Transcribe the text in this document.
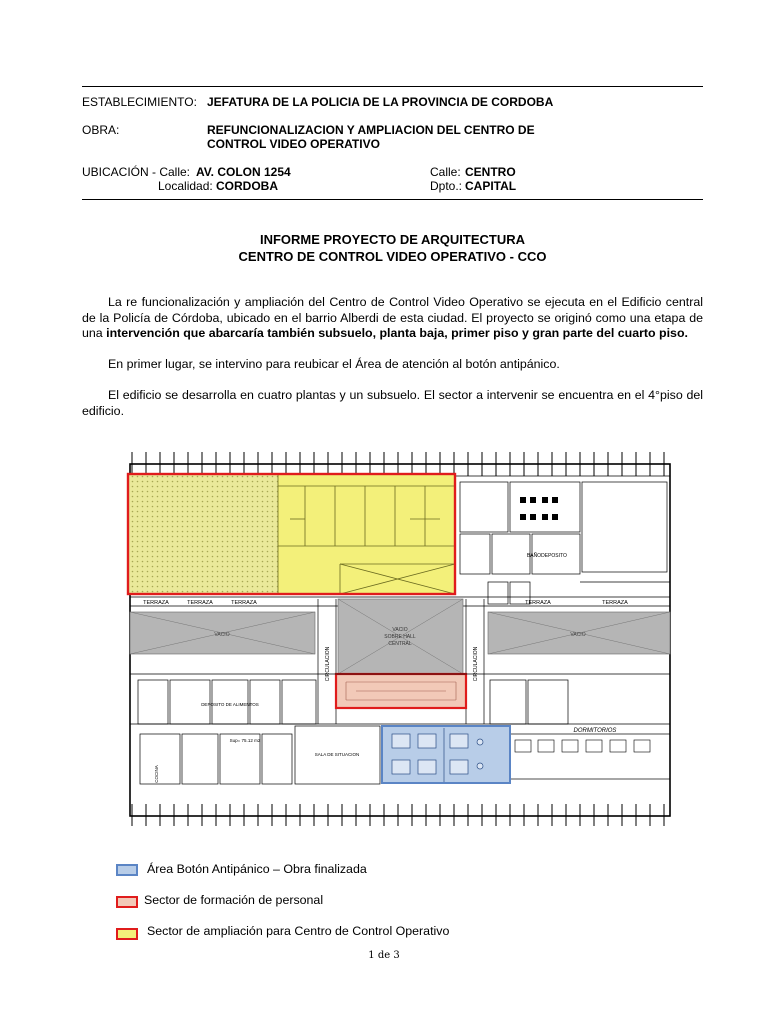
ESTABLECIMIENTO: JEFATURA DE LA POLICIA DE LA PROVINCIA DE CORDOBA
OBRA:	REFUNCIONALIZACION Y AMPLIACION DEL CENTRO DE
CONTROL VIDEO OPERATIVO
UBICACIÓN - Calle: AV. COLON 1254	Calle: CENTRO
Localidad: CORDOBA	Dpto.: CAPITAL
INFORME PROYECTO DE ARQUITECTURA
CENTRO DE CONTROL VIDEO OPERATIVO - CCO
La re funcionalización y ampliación del Centro de Control Video Operativo se ejecuta en el Edificio central de la Policía de Córdoba, ubicado en el barrio Alberdi de esta ciudad. El proyecto se originó como una etapa de una intervención que abarcaría también subsuelo, planta baja, primer piso y gran parte del cuarto piso.
En primer lugar, se intervino para reubicar el Área de atención al botón antipánico.
El edificio se desarrolla en cuatro plantas y un subsuelo. El sector a intervenir se encuentra en el 4°piso del edificio.
BAÑO DEPOSITO
TERRAZA	TERRAZA	TERRAZA	TERRAZA	TERRAZA
VACIO
SOBRE HALL
CENTRAL
VACIO	VACIO
CIRCULACION	CIRCULACION
DEPOSITO DE ALIMENTOS
SALA DE SITUACION
Sup= 75.12 m2
COCINA
DORMITORIOS
Área Botón Antipánico – Obra finalizada
Sector de formación de personal
Sector de ampliación para Centro de Control Operativo
1 de 3
